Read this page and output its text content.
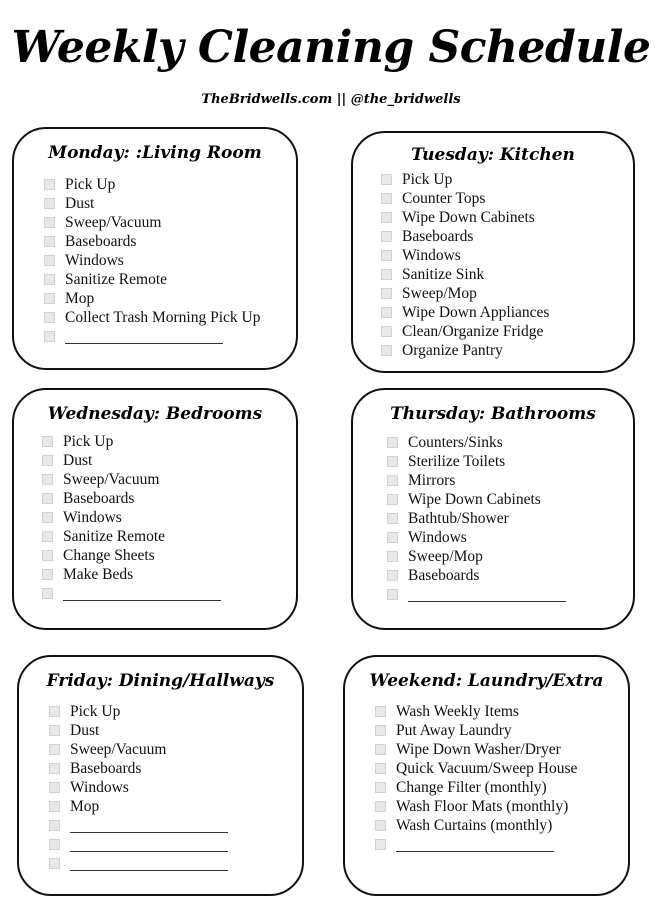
Weekly Cleaning Schedule
TheBridwells.com || @the_bridwells
Monday: :Living Room
Pick Up
Dust
Sweep/Vacuum
Baseboards
Windows
Sanitize Remote
Mop
Collect Trash Morning Pick Up
Tuesday: Kitchen
Pick Up
Counter Tops
Wipe Down Cabinets
Baseboards
Windows
Sanitize Sink
Sweep/Mop
Wipe Down Appliances
Clean/Organize Fridge
Organize Pantry
Wednesday: Bedrooms
Pick Up
Dust
Sweep/Vacuum
Baseboards
Windows
Sanitize Remote
Change Sheets
Make Beds
Thursday: Bathrooms
Counters/Sinks
Sterilize Toilets
Mirrors
Wipe Down Cabinets
Bathtub/Shower
Windows
Sweep/Mop
Baseboards
Friday: Dining/Hallways
Pick Up
Dust
Sweep/Vacuum
Baseboards
Windows
Mop
Weekend: Laundry/Extra
Wash Weekly Items
Put Away Laundry
Wipe Down Washer/Dryer
Quick Vacuum/Sweep House
Change Filter (monthly)
Wash Floor Mats (monthly)
Wash Curtains (monthly)
